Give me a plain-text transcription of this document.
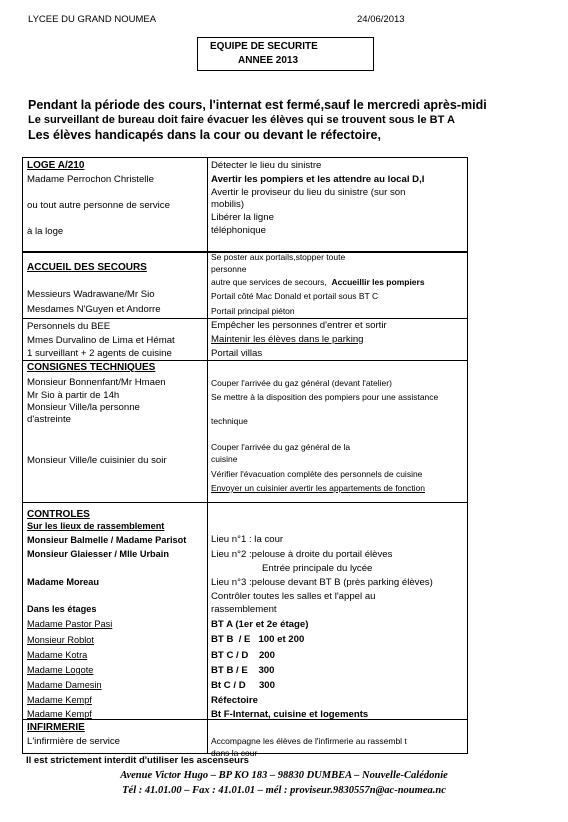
LYCEE DU GRAND NOUMEA	24/06/2013
EQUIPE DE SECURITE
ANNEE 2013
Pendant la période des cours, l'internat est fermé,sauf le mercredi après-midi
Le surveillant de bureau doit faire évacuer les élèves qui se trouvent sous le BT A
Les élèves handicapés dans la cour ou devant le réfectoire,
LOGE A/210
Madame Perrochon Christelle
ou tout autre personne de service
à la loge
Détecter le lieu du sinistre
Avertir les pompiers et les attendre au local D,I
Avertir le proviseur du lieu du sinistre (sur son
mobilis)
Libérer la ligne
téléphonique
ACCUEIL DES SECOURS
Messieurs Wadrawane/Mr Sio
Mesdames N'Guyen et Andorre
Se poster aux portails,stopper toute
personne
autre que services de secours, Accueillir les pompiers
Portail côté Mac Donald et portail sous BT C
Portail principal piéton
Personnels du BEE
Mmes Durvalino de Lima et Hémat
1 surveillant + 2 agents de cuisine
Empêcher les personnes d'entrer et sortir
Maintenir les élèves dans le parking
Portail villas
CONSIGNES TECHNIQUES
Monsieur Bonnenfant/Mr Hmaen
Mr Sio à partir de 14h
Monsieur Ville/la personne
d'astreinte
Monsieur Ville/le cuisinier du soir
Couper l'arrivée du gaz général (devant l'atelier)
Se mettre à la disposition des pompiers pour une assistance
technique
Couper l'arrivée du gaz général de la
cuisine
Vérifier l'évacuation complète des personnels de cuisine
Envoyer un cuisinier avertir les appartements de fonction
CONTROLES
Sur les lieux de rassemblement
Monsieur Balmelle / Madame Parisot
Monsieur Glaiesser / Mlle Urbain
Madame Moreau
Dans les étages
Madame Pastor Pasi
Monsieur Roblot
Madame Kotra
Madame Logote
Madame Damesin
Madame Kempf
Madame Kempf
Lieu n°1 : la cour
Lieu n°2 :pelouse à droite du portail élèves
Entrée principale du lycée
Lieu n°3 :pelouse devant BT B (près parking élèves)
Contrôler toutes les salles et l'appel au
rassemblement
BT A (1er et 2e étage)
BT B  / E   100 et 200
BT C / D    200
BT B / E    300
Bt C / D     300
Réfectoire
Bt F-Internat, cuisine et logements
INFIRMERIE
L'infirmière de service	Accompagne les élèves de l'infirmerie au rassembl t
dans la cour
Il est strictement interdit d'utiliser les ascenseurs
Avenue Victor Hugo – BP KO 183 – 98830 DUMBEA – Nouvelle-Calédonie
Tél : 41.01.00 – Fax : 41.01.01 – mél : proviseur.9830557n@ac-noumea.nc
